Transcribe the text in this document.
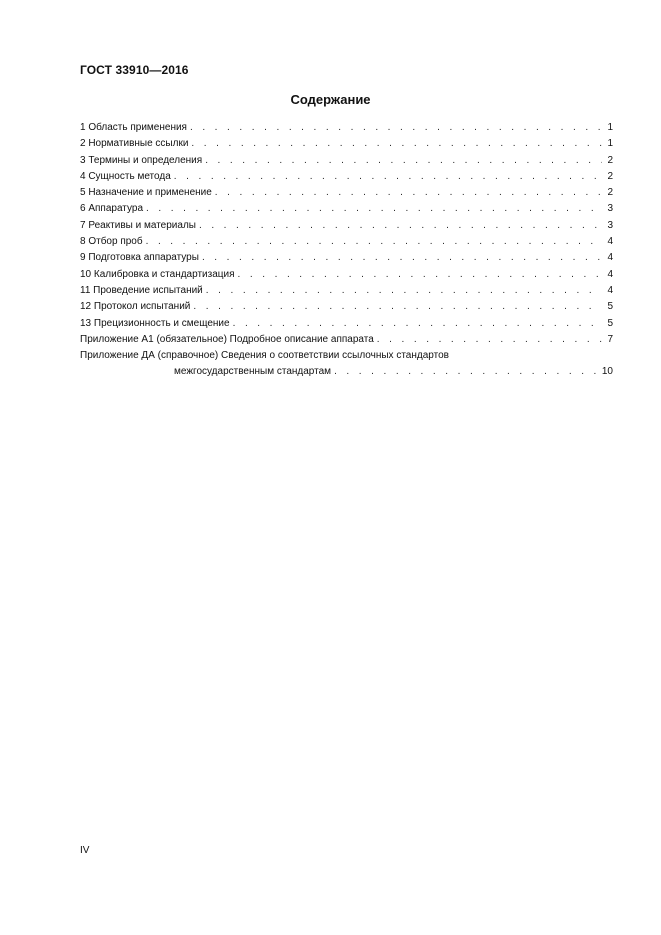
ГОСТ 33910—2016
Содержание
1 Область применения . . .	1
2 Нормативные ссылки . . .	1
3 Термины и определения . . .	2
4 Сущность метода . . .	2
5 Назначение и применение . . .	2
6 Аппаратура . . .	3
7 Реактивы и материалы . . .	3
8 Отбор проб . . .	4
9 Подготовка аппаратуры . . .	4
10 Калибровка и стандартизация . . .	4
11 Проведение испытаний . . .	4
12 Протокол испытаний . . .	5
13 Прецизионность и смещение . . .	5
Приложение А1 (обязательное) Подробное описание аппарата . . .	7
Приложение ДА (справочное) Сведения о соответствии ссылочных стандартов
межгосударственным стандартам . . .	10
IV
